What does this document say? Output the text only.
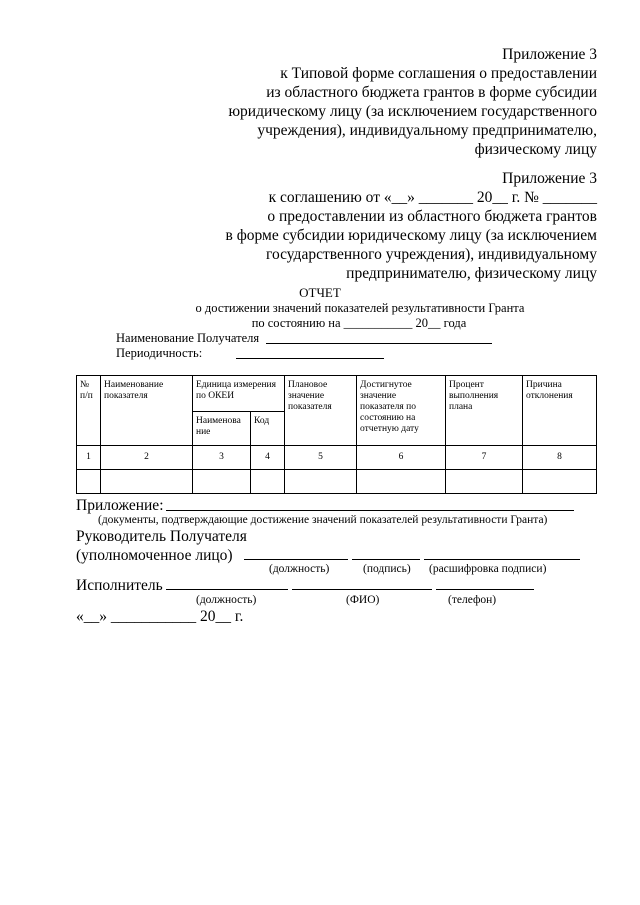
Приложение 3
к Типовой форме соглашения о предоставлении
из областного бюджета грантов в форме субсидии
юридическому лицу (за исключением государственного
учреждения), индивидуальному предпринимателю,
физическому лицу
Приложение 3
к соглашению от «__» _______ 20__ г. № _______
о предоставлении из областного бюджета грантов
в форме субсидии юридическому лицу (за исключением
государственного учреждения), индивидуальному
предпринимателю, физическому лицу
ОТЧЕТ
о достижении значений показателей результативности Гранта
по состоянию на ___________ 20__ года
Наименование Получателя
Периодичность:
№ п/п	Наименование показателя	Единица измерения по ОКЕИ		Плановое значение показателя	Достигнутое значение показателя по состоянию на отчетную дату	Процент выполнения плана	Причина отклонения
		Наименова ние	Код				
1	2	3	4	5	6	7	8

Приложение:
(документы, подтверждающие достижение значений показателей результативности Гранта)
Руководитель Получателя
(уполномоченное лицо)
(должность)	(подпись) (расшифровка подписи)
Исполнитель
(должность)	(ФИО)	(телефон)
«__» ___________ 20__ г.
